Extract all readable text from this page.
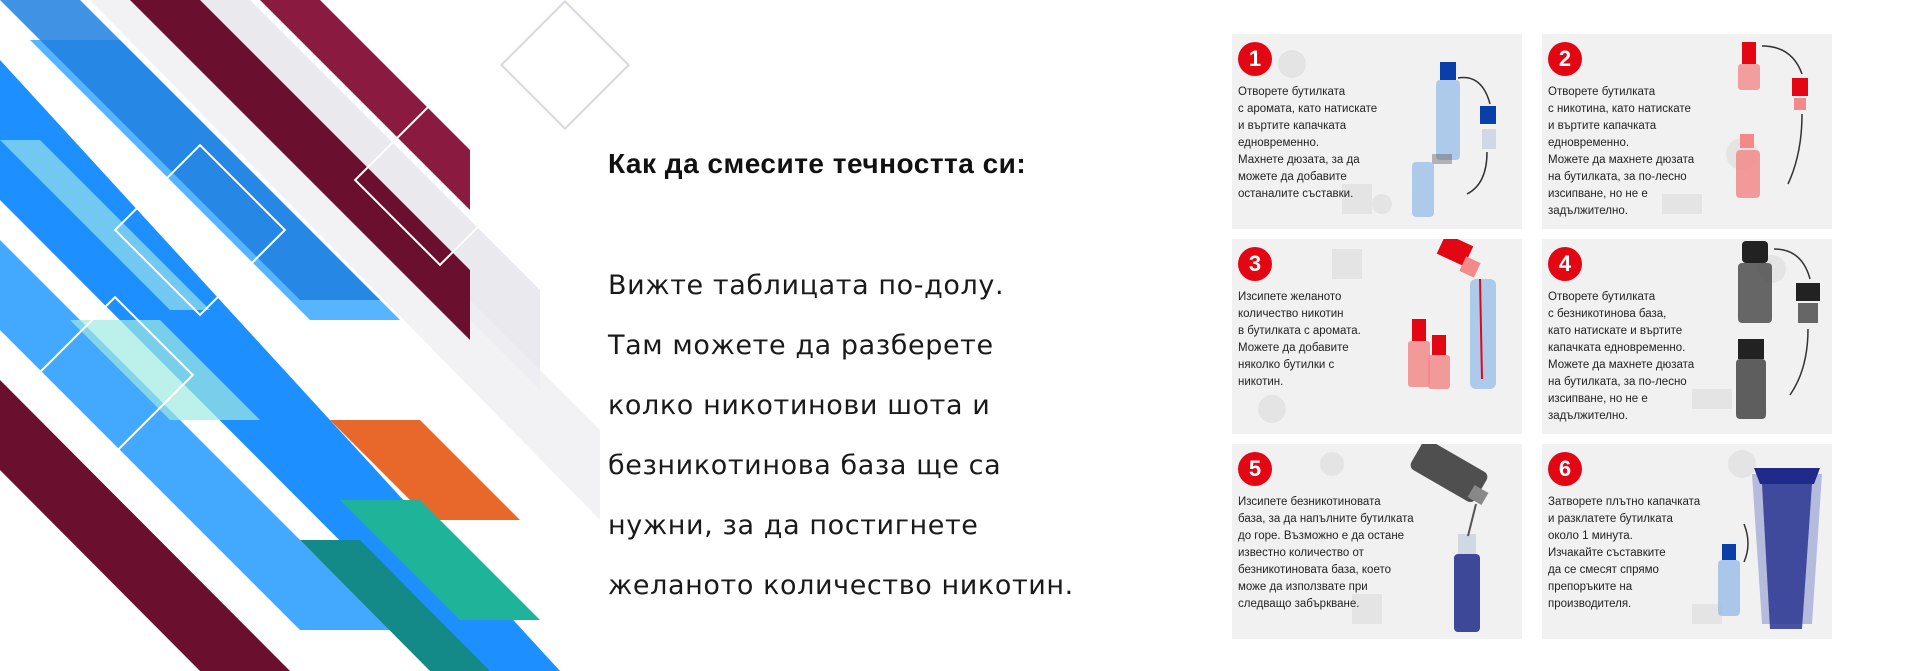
Как да смесите течността си:
Вижте таблицата по-долу.
Там можете да разберете
колко никотинови шота и
безникотинова база ще са
нужни, за да постигнете
желаното количество никотин.
1
Отворете бутилката
с аромата, като натискате
и въртите капачката
едновременно.
Махнете дюзата, за да
можете да добавите
останалите съставки.
2
Отворете бутилката
с никотина, като натискате
и въртите капачката
едновременно.
Можете да махнете дюзата
на бутилката, за по-лесно
изсипване, но не е
задължително.
3
Изсипете желаното
количество никотин
в бутилката с аромата.
Можете да добавите
няколко бутилки с
никотин.
4
Отворете бутилката
с безникотинова база,
като натискате и въртите
капачката едновременно.
Можете да махнете дюзата
на бутилката, за по-лесно
изсипване, но не е
задължително.
5
Изсипете безникотиновата
база, за да напълните бутилката
до горе. Възможно е да остане
известно количество от
безникотиновата база, което
може да използвате при
следващо забъркване.
6
Затворете плътно капачката
и разклатете бутилката
около 1 минута.
Изчакайте съставките
да се смесят спрямо
препоръките на
производителя.
